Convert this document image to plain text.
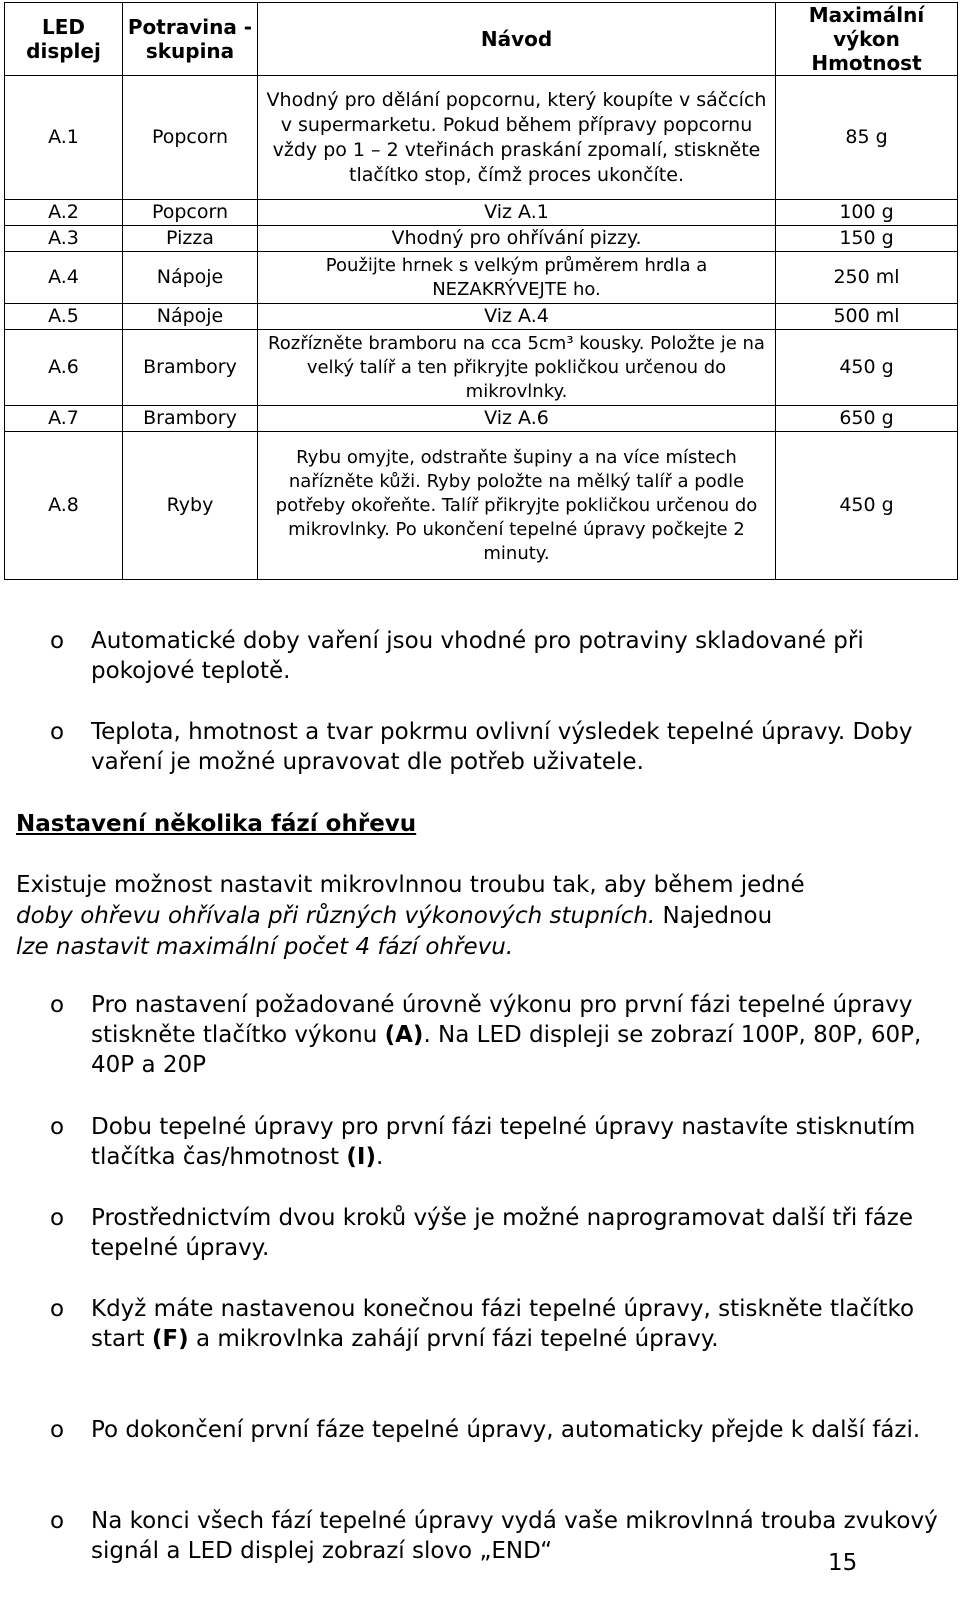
LED displej	Potravina - skupina	Návod	Maximální výkon Hmotnost
A.1	Popcorn	Vhodný pro dělání popcornu, který koupíte v sáčcích v supermarketu. Pokud během přípravy popcornu vždy po 1 – 2 vteřinách praskání zpomalí, stiskněte tlačítko stop, čímž proces ukončíte.	85 g
A.2	Popcorn	Viz A.1	100 g
A.3	Pizza	Vhodný pro ohřívání pizzy.	150 g
A.4	Nápoje	Použijte hrnek s velkým průměrem hrdla a NEZAKRÝVEJTE ho.	250 ml
A.5	Nápoje	Viz A.4	500 ml
A.6	Brambory	Rozřízněte bramboru na cca 5cm³ kousky. Položte je na velký talíř a ten přikryjte pokličkou určenou do mikrovlnky.	450 g
A.7	Brambory	Viz A.6	650 g
A.8	Ryby	Rybu omyjte, odstraňte šupiny a na více místech nařízněte kůži. Ryby položte na mělký talíř a podle potřeby okořeňte. Talíř přikryjte pokličkou určenou do mikrovlnky. Po ukončení tepelné úpravy počkejte 2 minuty.	450 g
o Automatické doby vaření jsou vhodné pro potraviny skladované při pokojové teplotě.
o Teplota, hmotnost a tvar pokrmu ovlivní výsledek tepelné úpravy. Doby vaření je možné upravovat dle potřeb uživatele.
Nastavení několika fází ohřevu
Existuje možnost nastavit mikrovlnnou troubu tak, aby během jedné
doby ohřevu ohřívala při různých výkonových stupních. Najednou
lze nastavit maximální počet 4 fází ohřevu.
o Pro nastavení požadované úrovně výkonu pro první fázi tepelné úpravy stiskněte tlačítko výkonu (A). Na LED displeji se zobrazí 100P, 80P, 60P, 40P a 20P
o Dobu tepelné úpravy pro první fázi tepelné úpravy nastavíte stisknutím tlačítka čas/hmotnost (I).
o Prostřednictvím dvou kroků výše je možné naprogramovat další tři fáze tepelné úpravy.
o Když máte nastavenou konečnou fázi tepelné úpravy, stiskněte tlačítko start (F) a mikrovlnka zahájí první fázi tepelné úpravy.
o Po dokončení první fáze tepelné úpravy, automaticky přejde k další fázi.
o Na konci všech fází tepelné úpravy vydá vaše mikrovlnná trouba zvukový signál a LED displej zobrazí slovo „END“	15
